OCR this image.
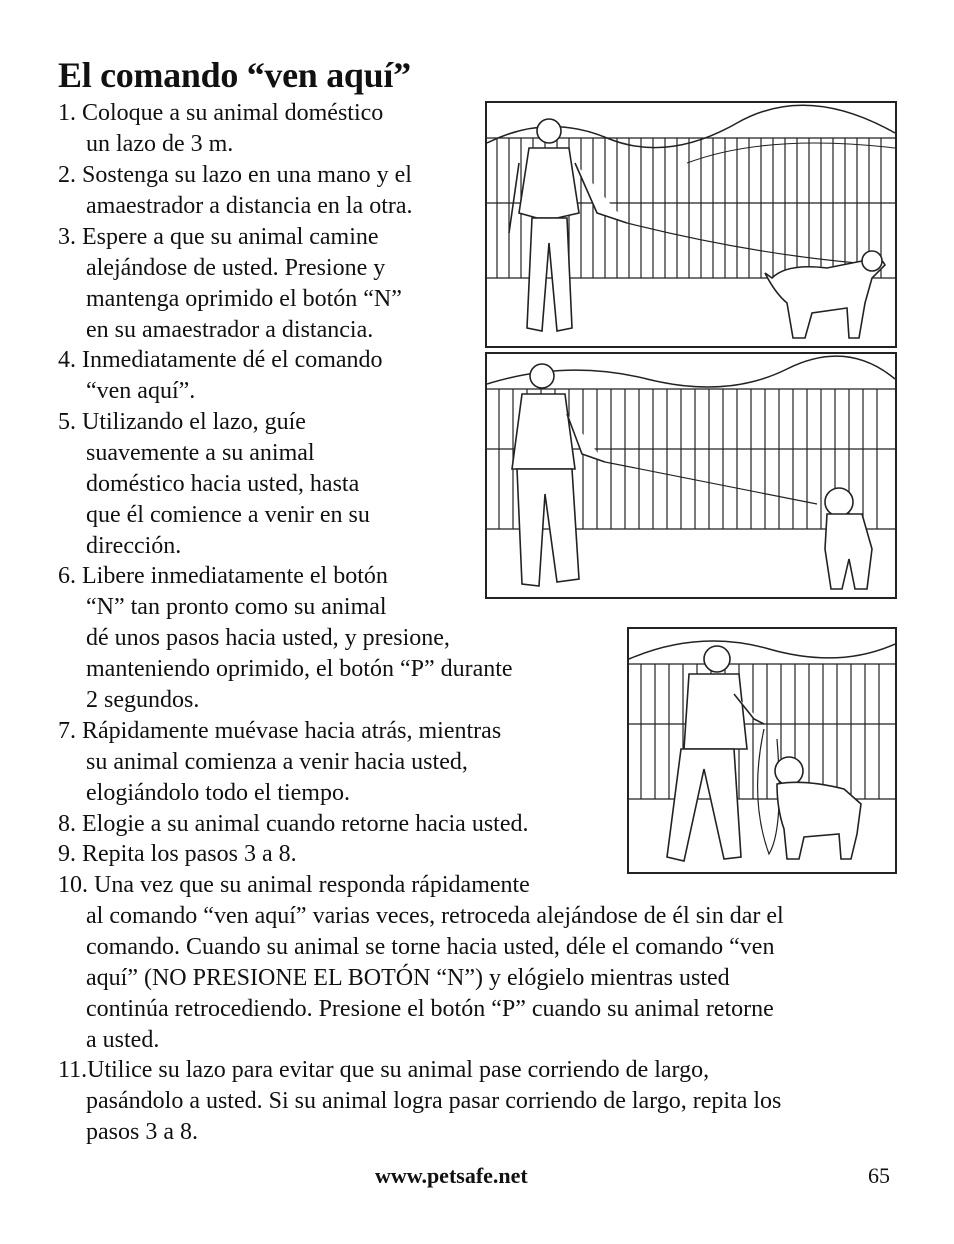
El comando “ven aquí”
1. Coloque a su animal doméstico
un lazo de 3 m.
2. Sostenga su lazo en una mano y el
amaestrador a distancia en la otra.
3. Espere a que su animal camine
alejándose de usted. Presione y
mantenga oprimido el botón “N”
en su amaestrador a distancia.
4. Inmediatamente dé el comando
“ven aquí”.
5. Utilizando el lazo, guíe
suavemente a su animal
doméstico hacia usted, hasta
que él comience a venir en su
dirección.
6. Libere inmediatamente el botón
“N” tan pronto como su animal
dé unos pasos hacia usted, y presione,
manteniendo oprimido, el botón “P” durante
2 segundos.
7. Rápidamente muévase hacia atrás, mientras
su animal comienza a venir hacia usted,
elogiándolo todo el tiempo.
8. Elogie a su animal cuando retorne hacia usted.
9. Repita los pasos 3 a 8.
10. Una vez que su animal responda rápidamente
al comando “ven aquí” varias veces, retroceda alejándose de él sin dar el
comando. Cuando su animal se torne hacia usted, déle el comando “ven
aquí” (NO PRESIONE EL BOTÓN “N”) y elógielo mientras usted
continúa retrocediendo. Presione el botón “P” cuando su animal retorne
a usted.
11.Utilice su lazo para evitar que su animal pase corriendo de largo,
pasándolo a usted. Si su animal logra pasar corriendo de largo, repita los
pasos 3 a 8.
www.petsafe.net	65
